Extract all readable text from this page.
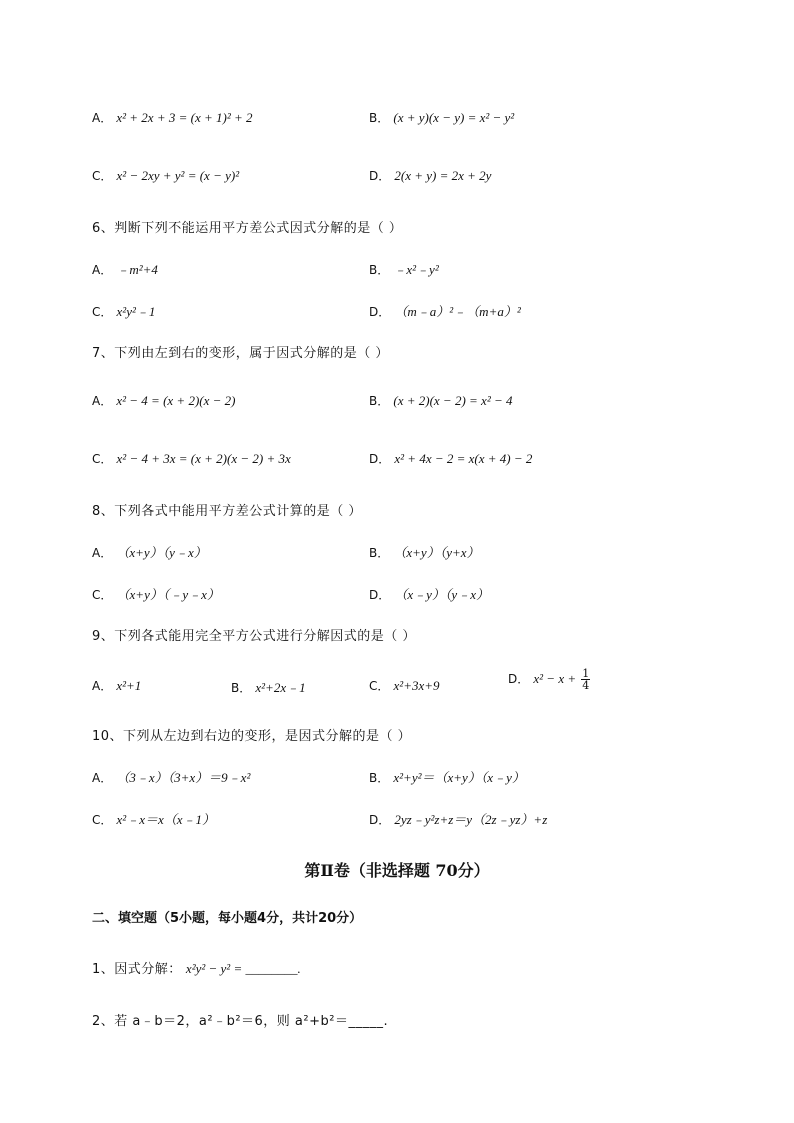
A． x² + 2x + 3 = (x + 1)² + 2	B． (x + y)(x − y) = x² − y²
C． x² − 2xy + y² = (x − y)²	D． 2(x + y) = 2x + 2y
6、判断下列不能运用平方差公式因式分解的是（ ）
A． ﹣m²+4	B． ﹣x²﹣y²
C． x²y²﹣1	D． （m﹣a）²﹣（m+a）²
7、下列由左到右的变形，属于因式分解的是（ ）
A． x² − 4 = (x + 2)(x − 2)	B． (x + 2)(x − 2) = x² − 4
C． x² − 4 + 3x = (x + 2)(x − 2) + 3x	D． x² + 4x − 2 = x(x + 4) − 2
8、下列各式中能用平方差公式计算的是（ ）
A． （x+y）（y﹣x）	B． （x+y）（y+x）
C． （x+y）（﹣y﹣x）	D． （x﹣y）（y﹣x）
9、下列各式能用完全平方公式进行分解因式的是（ ）
A． x²+1	B． x²+2x﹣1	C． x²+3x+9	D． $x^2 - x + \frac{1}{4}$
10、下列从左边到右边的变形，是因式分解的是（ ）
A． （3﹣x）（3+x）＝9﹣x²	B． x²+y²＝（x+y）（x﹣y）
C． x²﹣x＝x（x﹣1）	D． 2yz﹣y²z+z＝y（2z﹣yz）+z
第Ⅱ卷（非选择题 70分）
二、填空题（5小题，每小题4分，共计20分）
1、因式分解： x²y² − y² = ________.
2、若 a﹣b＝2，a²﹣b²＝6，则 a²+b²＝_____.
